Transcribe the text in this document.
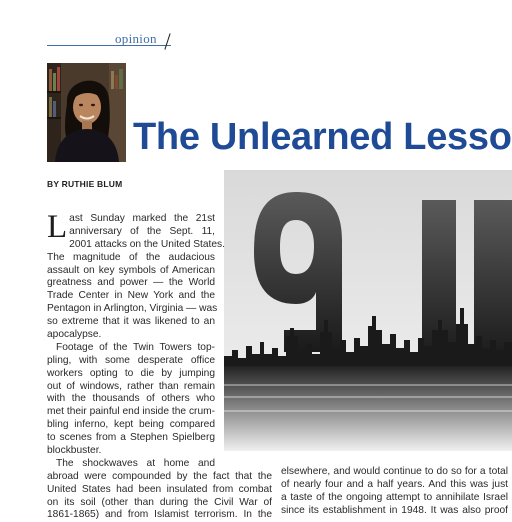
opinion
The Unlearned Lesso
BY RUTHIE BLUM
L ast Sunday marked the 21st
anniversary of the Sept. 11,
2001 attacks on the United States.
The magnitude of the audacious
assault on key symbols of American
greatness and power — the World
Trade Center in New York and the
Pentagon in Arlington, Virginia — was
so extreme that it was likened to an
apocalypse.
Footage of the Twin Towers top-
pling, with some desperate office
workers opting to die by jumping
out of windows, rather than remain
with the thousands of others who
met their painful end inside the crum-
bling inferno, kept being compared
to scenes from a Stephen Spielberg
blockbuster.
The shockwaves at home and
abroad were compounded by the fact that the
United States had been insulated from combat
on its soil (other than during the Civil War of
1861-1865) and from Islamist terrorism. In the
elsewhere, and would continue to do so for a total
of nearly four and a half years. And this was just
a taste of the ongoing attempt to annihilate Israel
since its establishment in 1948. It was also proof
